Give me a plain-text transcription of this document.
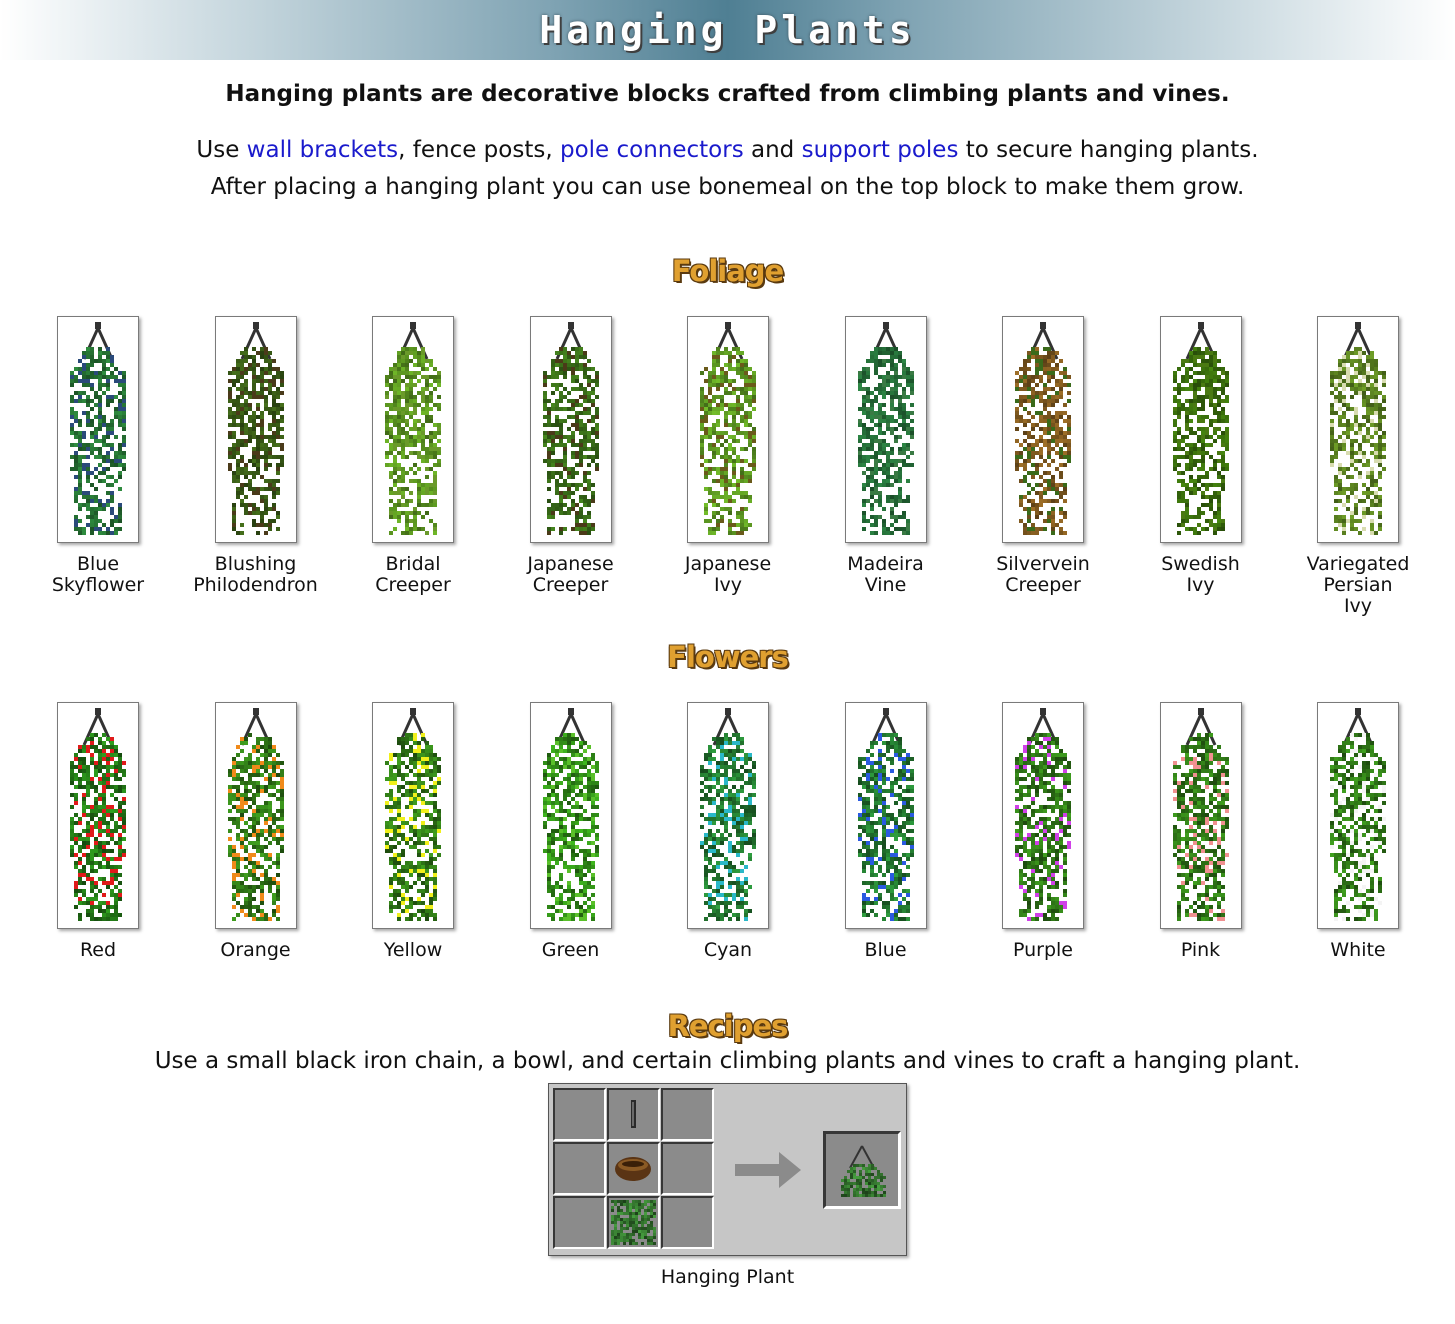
Hanging Plants
Hanging plants are decorative blocks crafted from climbing plants and vines.
Use wall brackets, fence posts, pole connectors and support poles to secure hanging plants.
After placing a hanging plant you can use bonemeal on the top block to make them grow.
Foliage
Blue
Skyflower
Blushing
Philodendron
Bridal
Creeper
Japanese
Creeper
Japanese
Ivy
Madeira
Vine
Silvervein
Creeper
Swedish
Ivy
Variegated
Persian
Ivy
Flowers
Red	Orange	Yellow	Green	Cyan	Blue	Purple	Pink	White
Recipes
Use a small black iron chain, a bowl, and certain climbing plants and vines to craft a hanging plant.
Hanging Plant
